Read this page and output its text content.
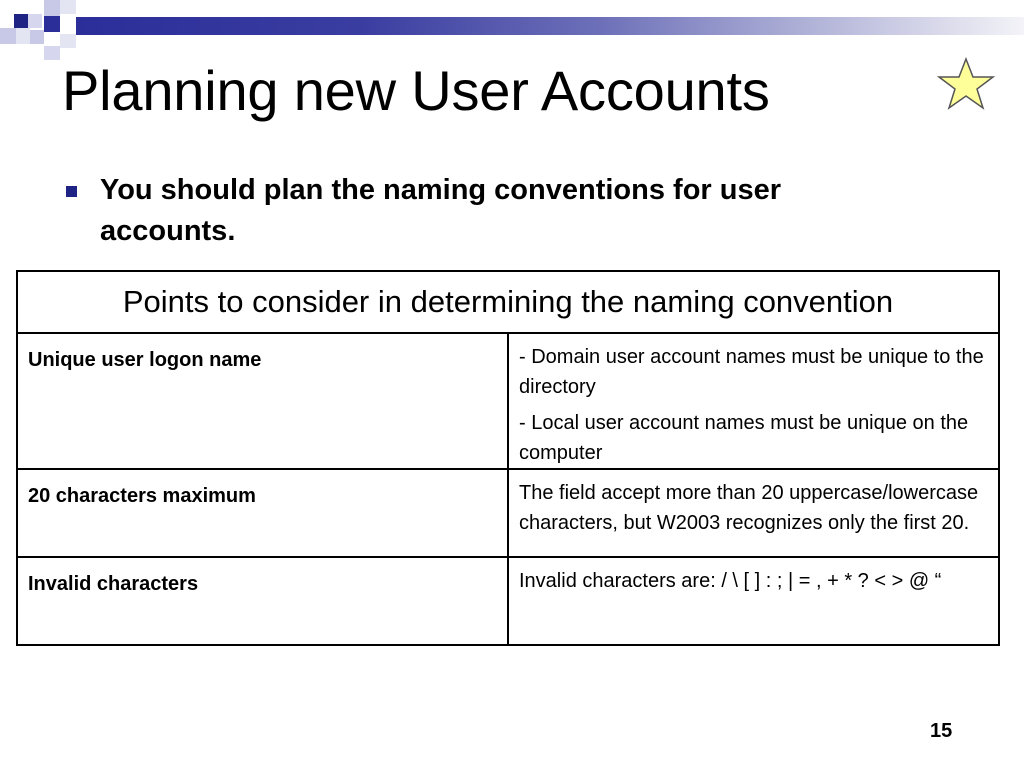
Planning new User Accounts

You should plan the naming conventions for user accounts.

Points to consider in determining the naming convention	
Unique user logon name	- Domain user account names must be unique to the directory
- Local user account names must be unique on the computer

20 characters maximum	The field accept more than 20 uppercase/lowercase characters, but W2003 recognizes only the first 20.

Invalid characters	Invalid characters are: / \ [ ] : ; | = , + * ? < > @ “
15
